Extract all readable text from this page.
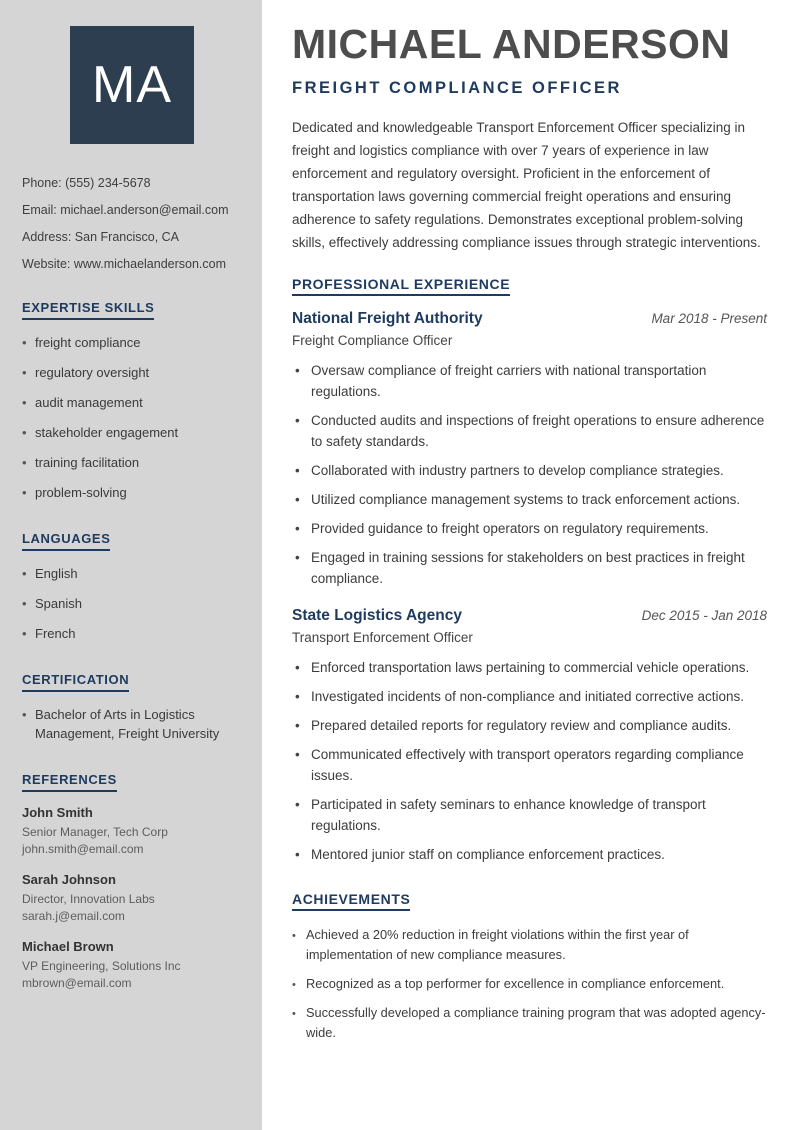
MA
Phone: (555) 234-5678
Email: michael.anderson@email.com
Address: San Francisco, CA
Website: www.michaelanderson.com
EXPERTISE SKILLS
• freight compliance
• regulatory oversight
• audit management
• stakeholder engagement
• training facilitation
• problem-solving
LANGUAGES
• English
• Spanish
• French
CERTIFICATION
• Bachelor of Arts in Logistics Management, Freight University
REFERENCES
John Smith
Senior Manager, Tech Corp
john.smith@email.com
Sarah Johnson
Director, Innovation Labs
sarah.j@email.com
Michael Brown
VP Engineering, Solutions Inc
mbrown@email.com
MICHAEL ANDERSON
FREIGHT COMPLIANCE OFFICER

Dedicated and knowledgeable Transport Enforcement Officer specializing in freight and logistics compliance with over 7 years of experience in law enforcement and regulatory oversight. Proficient in the enforcement of transportation laws governing commercial freight operations and ensuring adherence to safety regulations. Demonstrates exceptional problem-solving skills, effectively addressing compliance issues through strategic interventions.

PROFESSIONAL EXPERIENCE
National Freight Authority	Mar 2018 - Present
Freight Compliance Officer
• Oversaw compliance of freight carriers with national transportation regulations.
• Conducted audits and inspections of freight operations to ensure adherence to safety standards.
• Collaborated with industry partners to develop compliance strategies.
• Utilized compliance management systems to track enforcement actions.
• Provided guidance to freight operators on regulatory requirements.
• Engaged in training sessions for stakeholders on best practices in freight compliance.
State Logistics Agency	Dec 2015 - Jan 2018
Transport Enforcement Officer
• Enforced transportation laws pertaining to commercial vehicle operations.
• Investigated incidents of non-compliance and initiated corrective actions.
• Prepared detailed reports for regulatory review and compliance audits.
• Communicated effectively with transport operators regarding compliance issues.
• Participated in safety seminars to enhance knowledge of transport regulations.
• Mentored junior staff on compliance enforcement practices.
ACHIEVEMENTS
• Achieved a 20% reduction in freight violations within the first year of implementation of new compliance measures.
• Recognized as a top performer for excellence in compliance enforcement.
• Successfully developed a compliance training program that was adopted agency-wide.
